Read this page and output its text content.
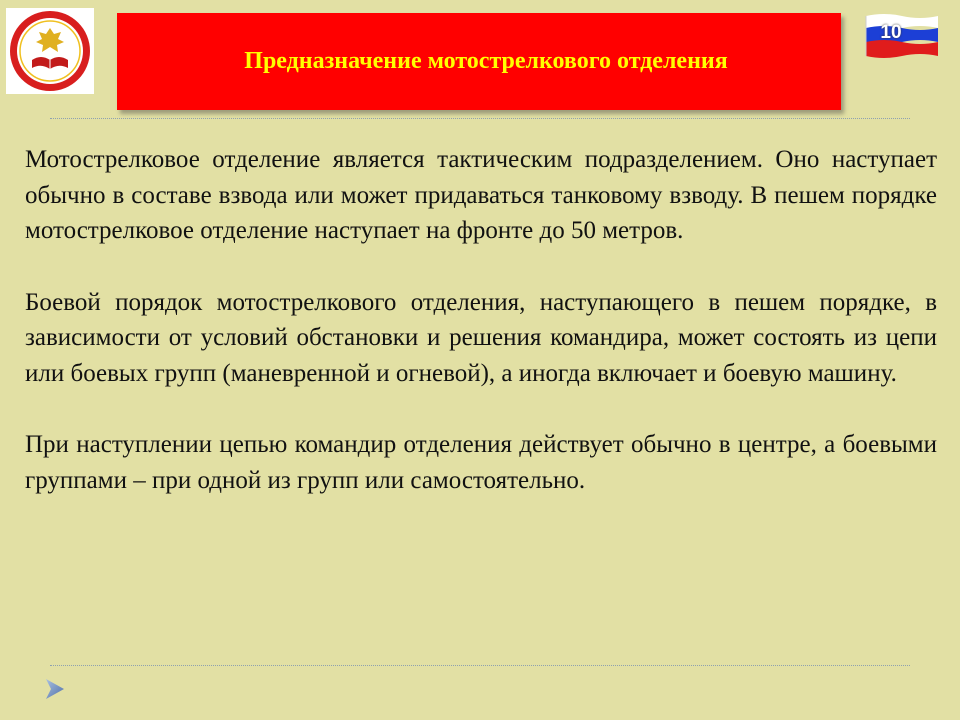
Предназначение мотострелкового отделения
10

Мотострелковое отделение является тактическим подразделением. Оно наступает обычно в составе взвода или может придаваться танковому взводу. В пешем порядке мотострелковое отделение наступает на фронте до 50 метров.

Боевой порядок мотострелкового отделения, наступающего в пешем порядке, в зависимости от условий обстановки и решения командира, может состоять из цепи или боевых групп (маневренной и огневой), а иногда включает и боевую машину.

При наступлении цепью командир отделения действует обычно в центре, а боевыми группами – при одной из групп или самостоятельно.
